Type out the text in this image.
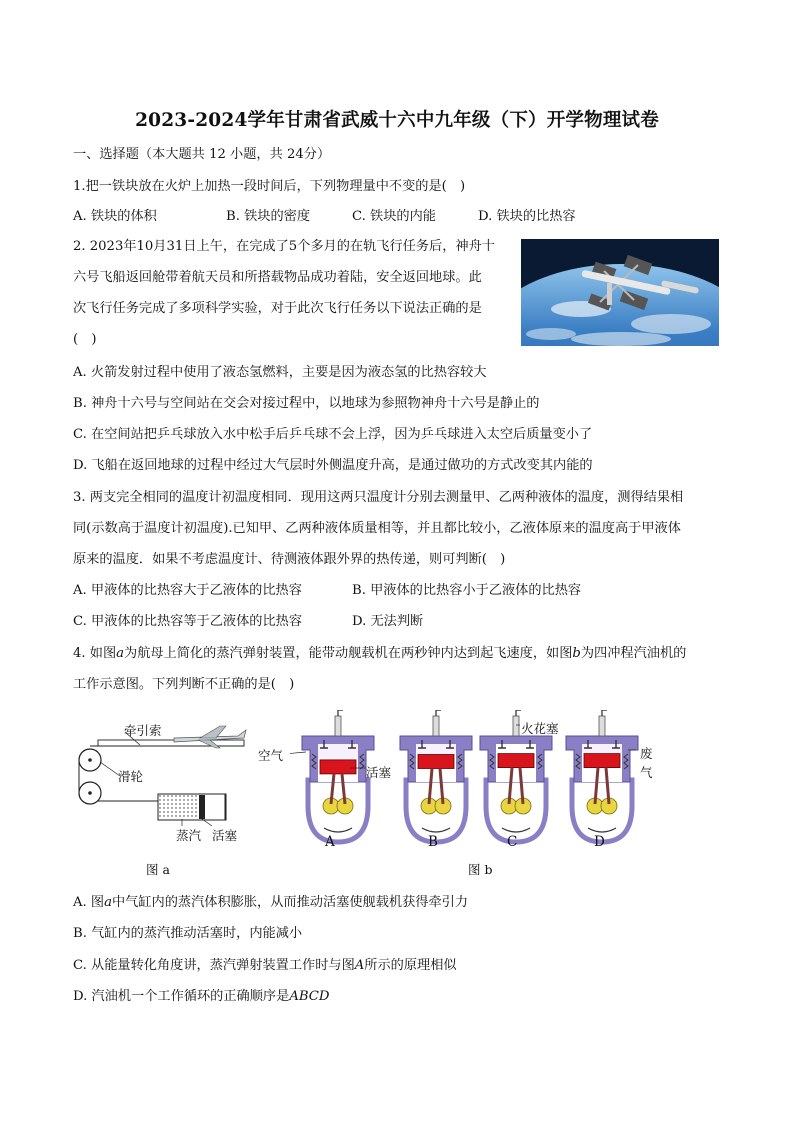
2023-2024学年甘肃省武威十六中九年级（下）开学物理试卷
一、选择题（本大题共 12 小题，共 24分）
1.把一铁块放在火炉上加热一段时间后，下列物理量中不变的是(　)
A. 铁块的体积	B. 铁块的密度	C. 铁块的内能	D. 铁块的比热容
2. 2023年10月31日上午，在完成了5个多月的在轨飞行任务后，神舟十
六号飞船返回舱带着航天员和所搭载物品成功着陆，安全返回地球。此
次飞行任务完成了多项科学实验，对于此次飞行任务以下说法正确的是
(　)
A. 火箭发射过程中使用了液态氢燃料，主要是因为液态氢的比热容较大
B. 神舟十六号与空间站在交会对接过程中，以地球为参照物神舟十六号是静止的
C. 在空间站把乒乓球放入水中松手后乒乓球不会上浮，因为乒乓球进入太空后质量变小了
D. 飞船在返回地球的过程中经过大气层时外侧温度升高，是通过做功的方式改变其内能的
3. 两支完全相同的温度计初温度相同．现用这两只温度计分别去测量甲、乙两种液体的温度，测得结果相
同(示数高于温度计初温度).已知甲、乙两种液体质量相等，并且都比较小，乙液体原来的温度高于甲液体
原来的温度．如果不考虑温度计、待测液体跟外界的热传递，则可判断(　)
A. 甲液体的比热容大于乙液体的比热容	B. 甲液体的比热容小于乙液体的比热容
C. 甲液体的比热容等于乙液体的比热容	D. 无法判断
4. 如图a为航母上简化的蒸汽弹射装置，能带动舰载机在两秒钟内达到起飞速度，如图b为四冲程汽油机的
工作示意图。下列判断不正确的是(　)
牵引索
滑轮
蒸汽 活塞
图 a
空气
活塞
火花塞
废
气
A	B	C	D
图 b
A. 图a中气缸内的蒸汽体积膨胀，从而推动活塞使舰载机获得牵引力
B. 气缸内的蒸汽推动活塞时，内能减小
C. 从能量转化角度讲，蒸汽弹射装置工作时与图A所示的原理相似
D. 汽油机一个工作循环的正确顺序是ABCD
